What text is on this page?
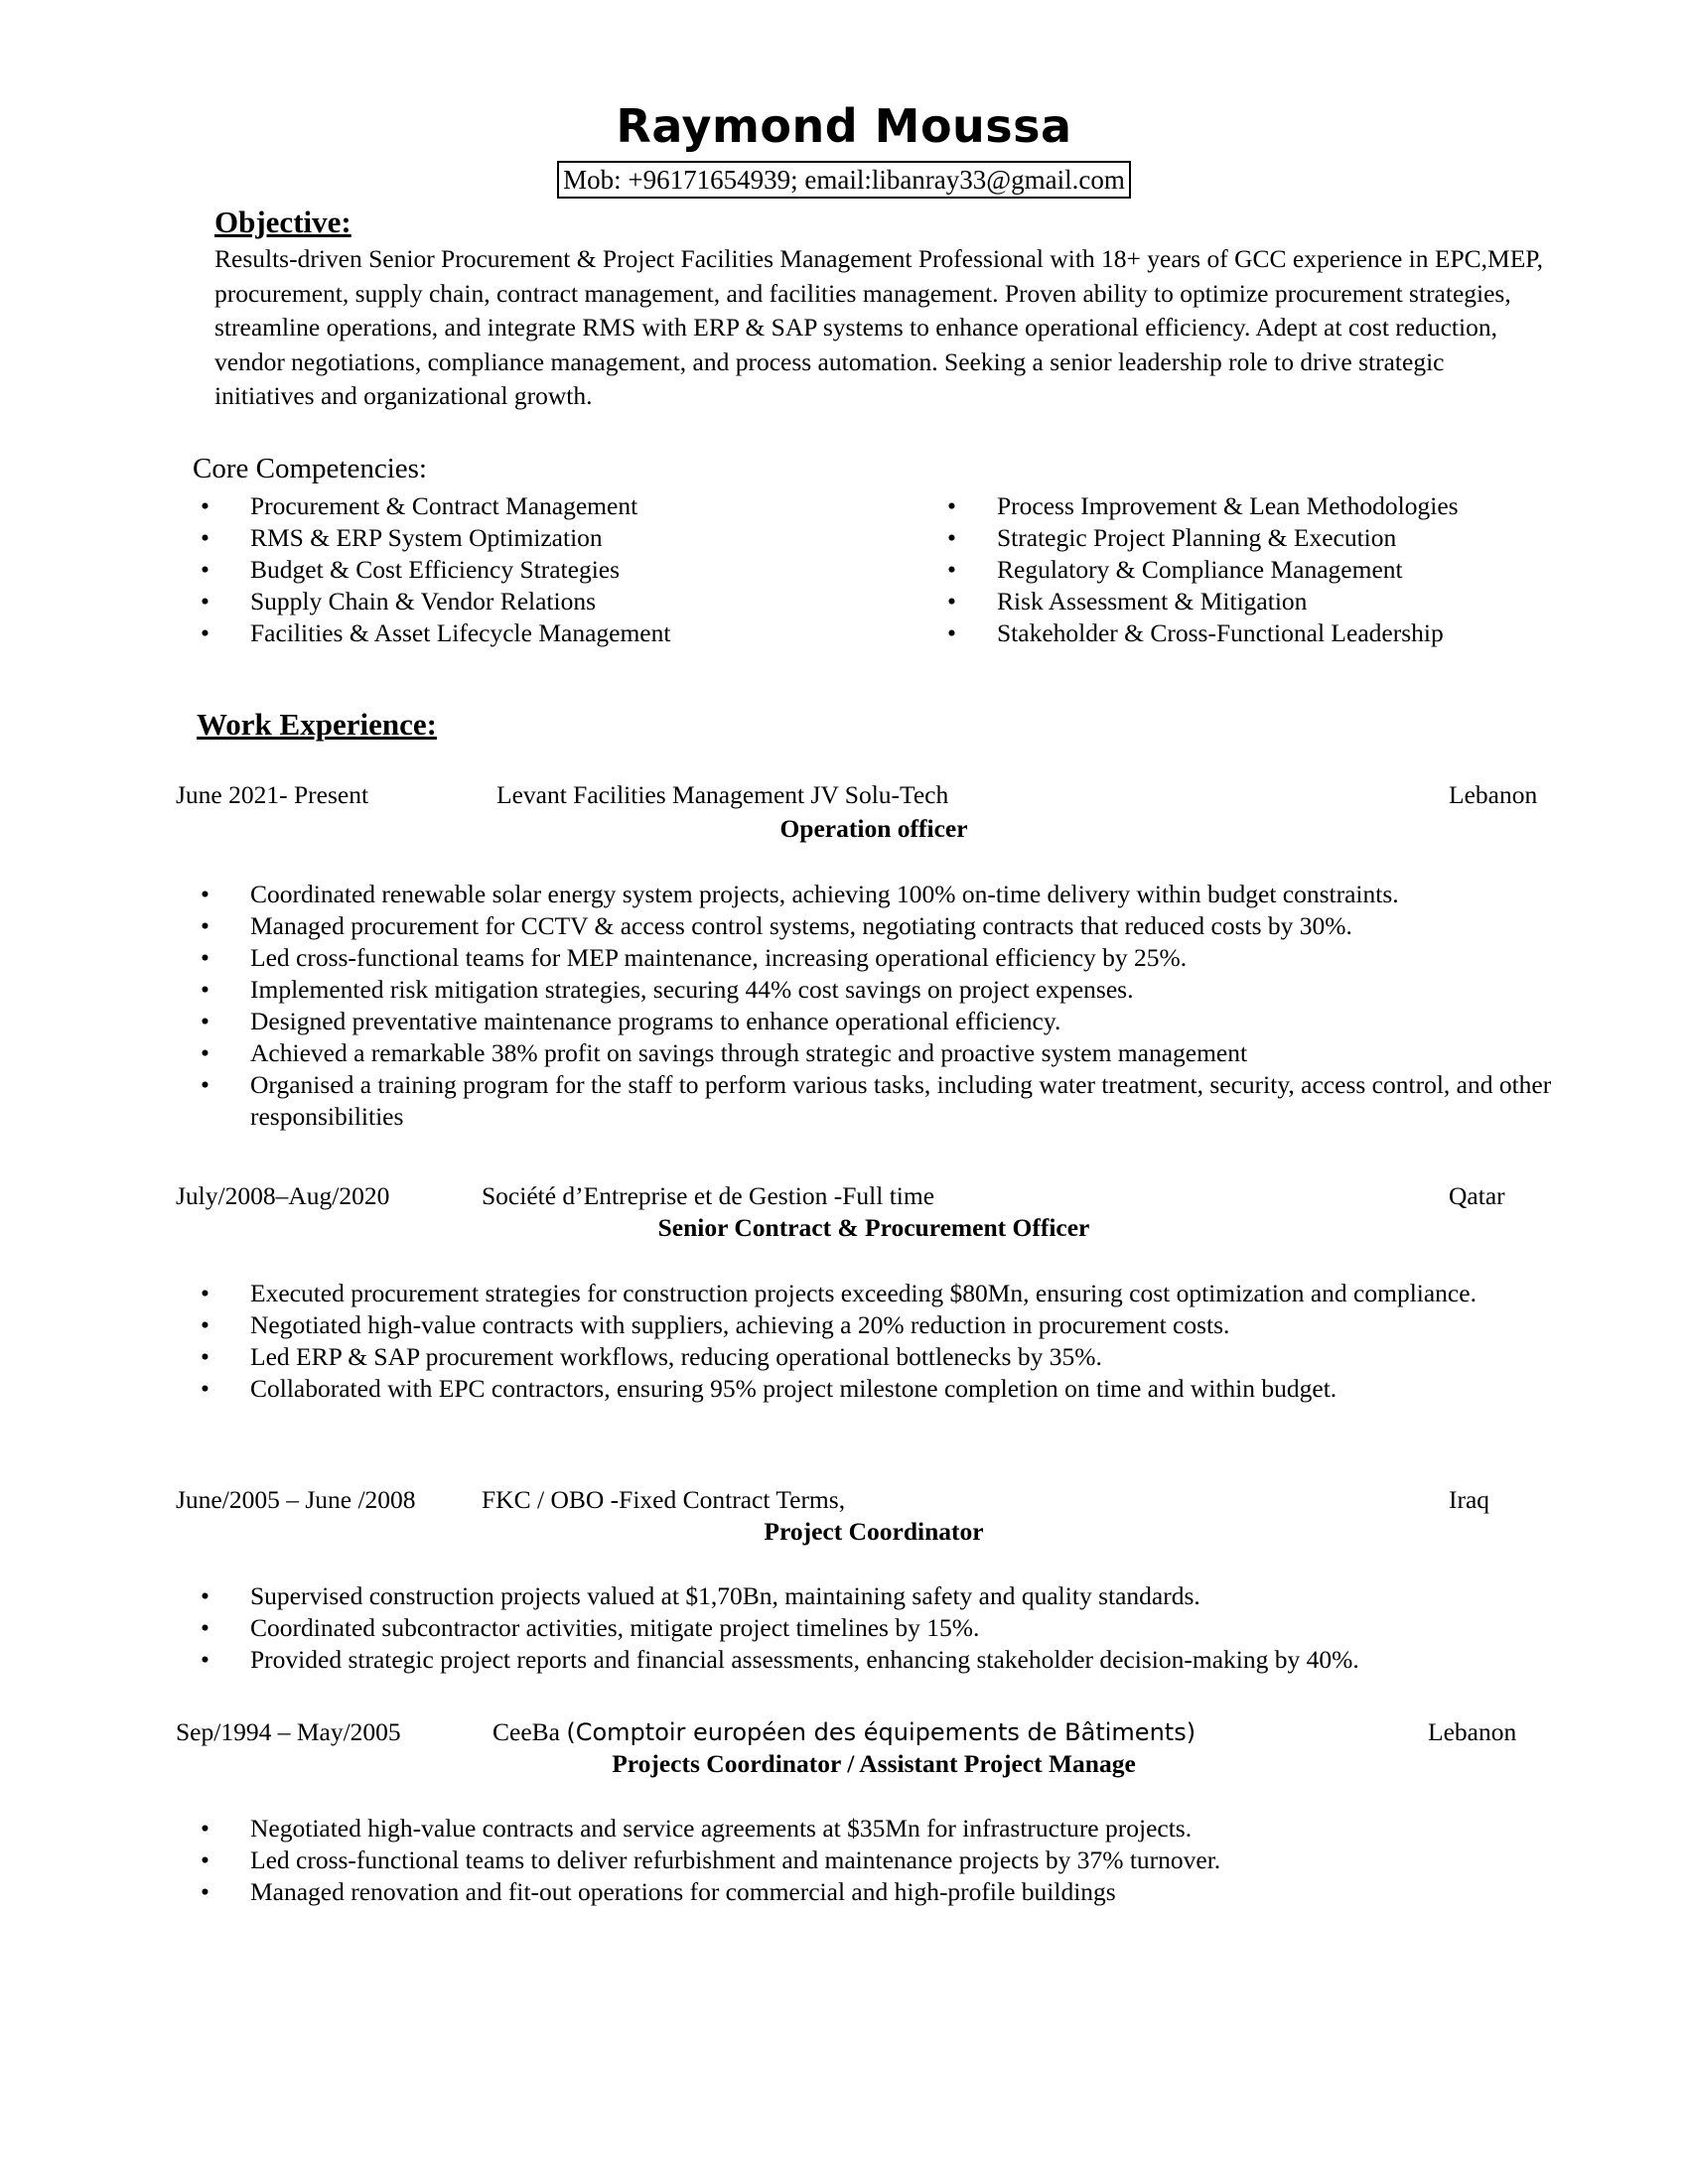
Raymond Moussa
Mob: +96171654939; email:libanray33@gmail.com
Objective:
Results-driven Senior Procurement & Project Facilities Management Professional with 18+ years of GCC experience in EPC,MEP, procurement, supply chain, contract management, and facilities management. Proven ability to optimize procurement strategies, streamline operations, and integrate RMS with ERP & SAP systems to enhance operational efficiency. Adept at cost reduction, vendor negotiations, compliance management, and process automation. Seeking a senior leadership role to drive strategic initiatives and organizational growth.
Core Competencies:
• Procurement & Contract Management
• RMS & ERP System Optimization
• Budget & Cost Efficiency Strategies
• Supply Chain & Vendor Relations
• Facilities & Asset Lifecycle Management
• Process Improvement & Lean Methodologies
• Strategic Project Planning & Execution
• Regulatory & Compliance Management
• Risk Assessment & Mitigation
• Stakeholder & Cross-Functional Leadership
Work Experience:
June 2021- Present	Levant Facilities Management JV Solu-Tech	Lebanon
Operation officer
• Coordinated renewable solar energy system projects, achieving 100% on-time delivery within budget constraints.
• Managed procurement for CCTV & access control systems, negotiating contracts that reduced costs by 30%.
• Led cross-functional teams for MEP maintenance, increasing operational efficiency by 25%.
• Implemented risk mitigation strategies, securing 44% cost savings on project expenses.
• Designed preventative maintenance programs to enhance operational efficiency.
• Achieved a remarkable 38% profit on savings through strategic and proactive system management
• Organised a training program for the staff to perform various tasks, including water treatment, security, access control, and other responsibilities
July/2008–Aug/2020	Société d’Entreprise et de Gestion -Full time	Qatar
Senior Contract & Procurement Officer
• Executed procurement strategies for construction projects exceeding $80Mn, ensuring cost optimization and compliance.
• Negotiated high-value contracts with suppliers, achieving a 20% reduction in procurement costs.
• Led ERP & SAP procurement workflows, reducing operational bottlenecks by 35%.
• Collaborated with EPC contractors, ensuring 95% project milestone completion on time and within budget.
June/2005 – June /2008	FKC / OBO -Fixed Contract Terms,	Iraq
Project Coordinator
• Supervised construction projects valued at $1,70Bn, maintaining safety and quality standards.
• Coordinated subcontractor activities, mitigate project timelines by 15%.
• Provided strategic project reports and financial assessments, enhancing stakeholder decision-making by 40%.
Sep/1994 – May/2005	CeeBa (Comptoir européen des équipements de Bâtiments)	Lebanon
Projects Coordinator / Assistant Project Manage
• Negotiated high-value contracts and service agreements at $35Mn for infrastructure projects.
• Led cross-functional teams to deliver refurbishment and maintenance projects by 37% turnover.
• Managed renovation and fit-out operations for commercial and high-profile buildings
